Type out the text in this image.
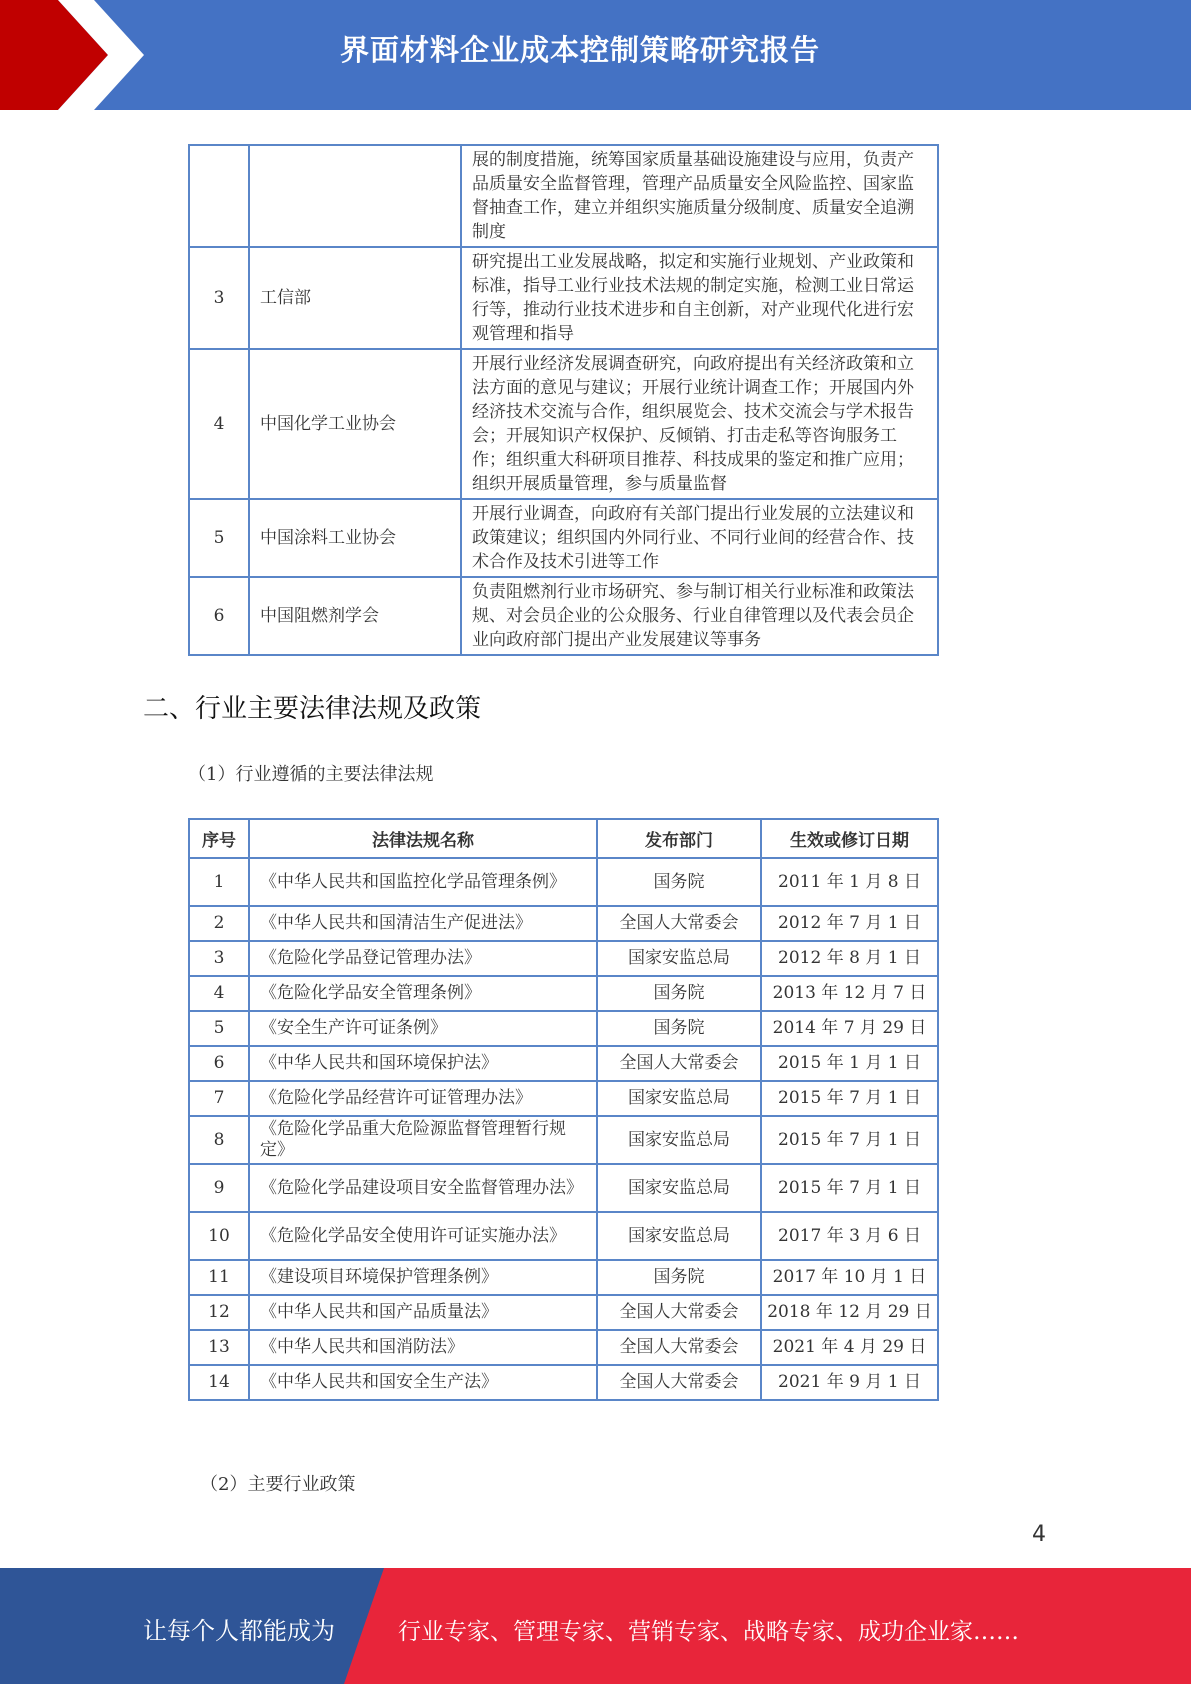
界面材料企业成本控制策略研究报告
		展的制度措施，统筹国家质量基础设施建设与应用，负责产品质量安全监督管理，管理产品质量安全风险监控、国家监督抽查工作，建立并组织实施质量分级制度、质量安全追溯制度
3	工信部	研究提出工业发展战略，拟定和实施行业规划、产业政策和标准，指导工业行业技术法规的制定实施，检测工业日常运行等，推动行业技术进步和自主创新，对产业现代化进行宏观管理和指导
4	中国化学工业协会	开展行业经济发展调查研究，向政府提出有关经济政策和立法方面的意见与建议；开展行业统计调查工作；开展国内外经济技术交流与合作，组织展览会、技术交流会与学术报告会；开展知识产权保护、反倾销、打击走私等咨询服务工作；组织重大科研项目推荐、科技成果的鉴定和推广应用；组织开展质量管理，参与质量监督
5	中国涂料工业协会	开展行业调查，向政府有关部门提出行业发展的立法建议和政策建议；组织国内外同行业、不同行业间的经营合作、技术合作及技术引进等工作
6	中国阻燃剂学会	负责阻燃剂行业市场研究、参与制订相关行业标准和政策法规、对会员企业的公众服务、行业自律管理以及代表会员企业向政府部门提出产业发展建议等事务
二、行业主要法律法规及政策
（1）行业遵循的主要法律法规
序号	法律法规名称	发布部门	生效或修订日期
1	《中华人民共和国监控化学品管理条例》	国务院	2011 年 1 月 8 日
2	《中华人民共和国清洁生产促进法》	全国人大常委会	2012 年 7 月 1 日
3	《危险化学品登记管理办法》	国家安监总局	2012 年 8 月 1 日
4	《危险化学品安全管理条例》	国务院	2013 年 12 月 7 日
5	《安全生产许可证条例》	国务院	2014 年 7 月 29 日
6	《中华人民共和国环境保护法》	全国人大常委会	2015 年 1 月 1 日
7	《危险化学品经营许可证管理办法》	国家安监总局	2015 年 7 月 1 日
8	《危险化学品重大危险源监督管理暂行规定》	国家安监总局	2015 年 7 月 1 日
9	《危险化学品建设项目安全监督管理办法》	国家安监总局	2015 年 7 月 1 日
10	《危险化学品安全使用许可证实施办法》	国家安监总局	2017 年 3 月 6 日
11	《建设项目环境保护管理条例》	国务院	2017 年 10 月 1 日
12	《中华人民共和国产品质量法》	全国人大常委会	2018 年 12 月 29 日
13	《中华人民共和国消防法》	全国人大常委会	2021 年 4 月 29 日
14	《中华人民共和国安全生产法》	全国人大常委会	2021 年 9 月 1 日
（2）主要行业政策
4
让每个人都能成为	行业专家、管理专家、营销专家、战略专家、成功企业家……
